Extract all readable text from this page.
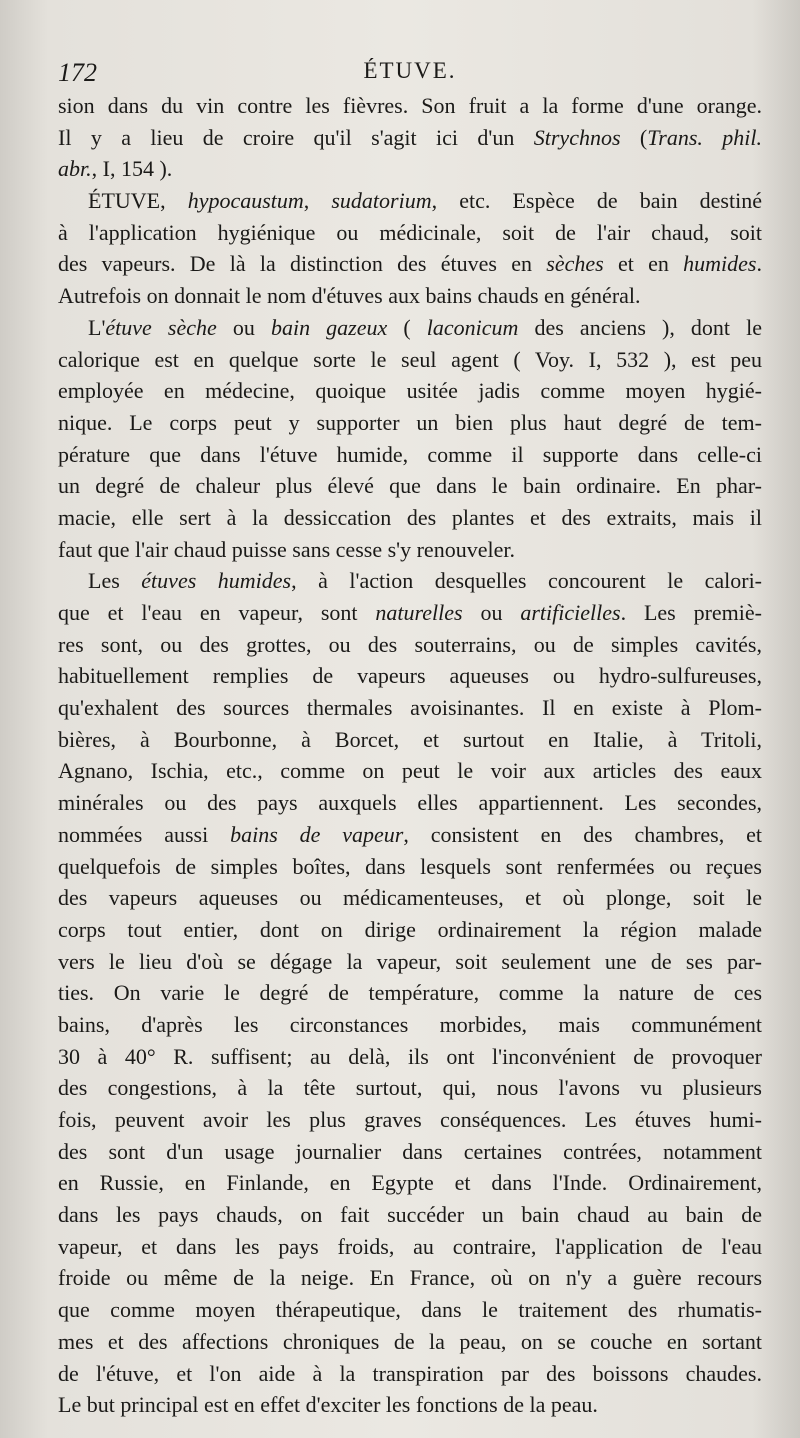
172	ÉTUVE.
sion dans du vin contre les fièvres. Son fruit a la forme d'une orange.
Il y a lieu de croire qu'il s'agit ici d'un Strychnos (Trans. phil.
abr., I, 154 ).
ÉTUVE, hypocaustum, sudatorium, etc. Espèce de bain destiné
à l'application hygiénique ou médicinale, soit de l'air chaud, soit
des vapeurs. De là la distinction des étuves en sèches et en humides.
Autrefois on donnait le nom d'étuves aux bains chauds en général.
L'étuve sèche ou bain gazeux ( laconicum des anciens ), dont le
calorique est en quelque sorte le seul agent ( Voy. I, 532 ), est peu
employée en médecine, quoique usitée jadis comme moyen hygié-
nique. Le corps peut y supporter un bien plus haut degré de tem-
pérature que dans l'étuve humide, comme il supporte dans celle-ci
un degré de chaleur plus élevé que dans le bain ordinaire. En phar-
macie, elle sert à la dessiccation des plantes et des extraits, mais il
faut que l'air chaud puisse sans cesse s'y renouveler.
Les étuves humides, à l'action desquelles concourent le calori-
que et l'eau en vapeur, sont naturelles ou artificielles. Les premiè-
res sont, ou des grottes, ou des souterrains, ou de simples cavités,
habituellement remplies de vapeurs aqueuses ou hydro-sulfureuses,
qu'exhalent des sources thermales avoisinantes. Il en existe à Plom-
bières, à Bourbonne, à Borcet, et surtout en Italie, à Tritoli,
Agnano, Ischia, etc., comme on peut le voir aux articles des eaux
minérales ou des pays auxquels elles appartiennent. Les secondes,
nommées aussi bains de vapeur, consistent en des chambres, et
quelquefois de simples boîtes, dans lesquels sont renfermées ou reçues
des vapeurs aqueuses ou médicamenteuses, et où plonge, soit le
corps tout entier, dont on dirige ordinairement la région malade
vers le lieu d'où se dégage la vapeur, soit seulement une de ses par-
ties. On varie le degré de température, comme la nature de ces
bains, d'après les circonstances morbides, mais communément
30 à 40° R. suffisent; au delà, ils ont l'inconvénient de provoquer
des congestions, à la tête surtout, qui, nous l'avons vu plusieurs
fois, peuvent avoir les plus graves conséquences. Les étuves humi-
des sont d'un usage journalier dans certaines contrées, notamment
en Russie, en Finlande, en Egypte et dans l'Inde. Ordinairement,
dans les pays chauds, on fait succéder un bain chaud au bain de
vapeur, et dans les pays froids, au contraire, l'application de l'eau
froide ou même de la neige. En France, où on n'y a guère recours
que comme moyen thérapeutique, dans le traitement des rhumatis-
mes et des affections chroniques de la peau, on se couche en sortant
de l'étuve, et l'on aide à la transpiration par des boissons chaudes.
Le but principal est en effet d'exciter les fonctions de la peau.
